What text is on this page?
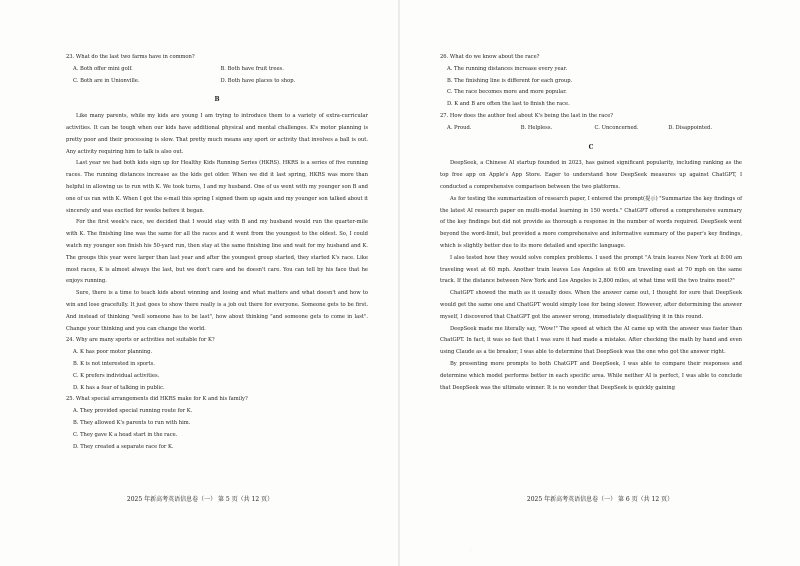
23. What do the last two farms have in common?

A. Both offer mini golf.	B. Both have fruit trees.
C. Both are in Unionville.	D. Both have places to shop.
B

Like many parents, while my kids are young I am trying to introduce them to a variety of extra-curricular activities. It can be tough when our kids have additional physical and mental challenges. K's motor planning is pretty poor and their processing is slow. That pretty much means any sport or activity that involves a ball is out. Any activity requiring him to talk is also out.

Last year we had both kids sign up for Healthy Kids Running Series (HKRS). HKRS is a series of five running races. The running distances increase as the kids get older. When we did it last spring, HKRS was more than helpful in allowing us to run with K. We took turns, I and my husband. One of us went with my younger son B and one of us ran with K. When I got the e-mail this spring I signed them up again and my younger son talked about it sincerely and was excited for weeks before it began.

For the first week's race, we decided that I would stay with B and my husband would run the quarter-mile with K. The finishing line was the same for all the races and it went from the youngest to the oldest. So, I could watch my younger son finish his 50-yard run, then stay at the same finishing line and wait for my husband and K. The groups this year were larger than last year and after the youngest group started, they started K's race. Like most races, K is almost always the last, but we don't care and he doesn't care. You can tell by his face that he enjoys running.

Sure, there is a time to teach kids about winning and losing and what matters and what doesn't and how to win and lose gracefully. It just goes to show there really is a job out there for everyone. Someone gets to be first. And instead of thinking "well someone has to be last", how about thinking "and someone gets to come in last". Change your thinking and you can change the world.

24. Why are many sports or activities not suitable for K?

A. K has poor motor planning.

B. K is not interested in sports.

C. K prefers individual activities.

D. K has a fear of talking in public.

25. What special arrangements did HKRS make for K and his family?

A. They provided special running route for K.

B. They allowed K's parents to run with him.

C. They gave K a head start in the race.

D. They created a separate race for K.

26. What do we know about the race?

A. The running distances increase every year.

B. The finishing line is different for each group.

C. The race becomes more and more popular.

D. K and B are often the last to finish the race.

27. How does the author feel about K's being the last in the race?

A. Proud.	B. Helpless.	C. Unconcerned.	D. Disappointed.
C

DeepSeek, a Chinese AI startup founded in 2023, has gained significant popularity, including ranking as the top free app on Apple's App Store. Eager to understand how DeepSeek measures up against ChatGPT, I conducted a comprehensive comparison between the two platforms.

As for testing the summarization of research paper, I entered the prompt(提示) "Summarize the key findings of the latest AI research paper on multi-modal learning in 150 words." ChatGPT offered a comprehensive summary of the key findings but did not provide as thorough a response in the number of words required. DeepSeek went beyond the word-limit, but provided a more comprehensive and informative summary of the paper's key findings, which is slightly better due to its more detailed and specific language.

I also tested how they would solve complex problems. I used the prompt "A train leaves New York at 8:00 am traveling west at 60 mph. Another train leaves Los Angeles at 6:00 am traveling east at 70 mph on the same track. If the distance between New York and Los Angeles is 2,800 miles, at what time will the two trains meet?"

ChatGPT showed the math as it usually does. When the answer came out, I thought for sure that DeepSeek would get the same one and ChatGPT would simply lose for being slower. However, after determining the answer myself, I discovered that ChatGPT got the answer wrong, immediately disqualifying it in this round.

DeepSeek made me literally say, "Wow!" The speed at which the AI came up with the answer was faster than ChatGPT. In fact, it was so fast that I was sure it had made a mistake. After checking the math by hand and even using Claude as a tie breaker, I was able to determine that DeepSeek was the one who got the answer right.

By presenting more prompts to both ChatGPT and DeepSeek, I was able to compare their responses and determine which model performs better in each specific area. While neither AI is perfect, I was able to conclude that DeepSeek was the ultimate winner. It is no wonder that DeepSeek is quickly gaining

2025 年新高考英语信息卷（一） 第 5 页（共 12 页）	2025 年新高考英语信息卷（一） 第 6 页（共 12 页）
·
